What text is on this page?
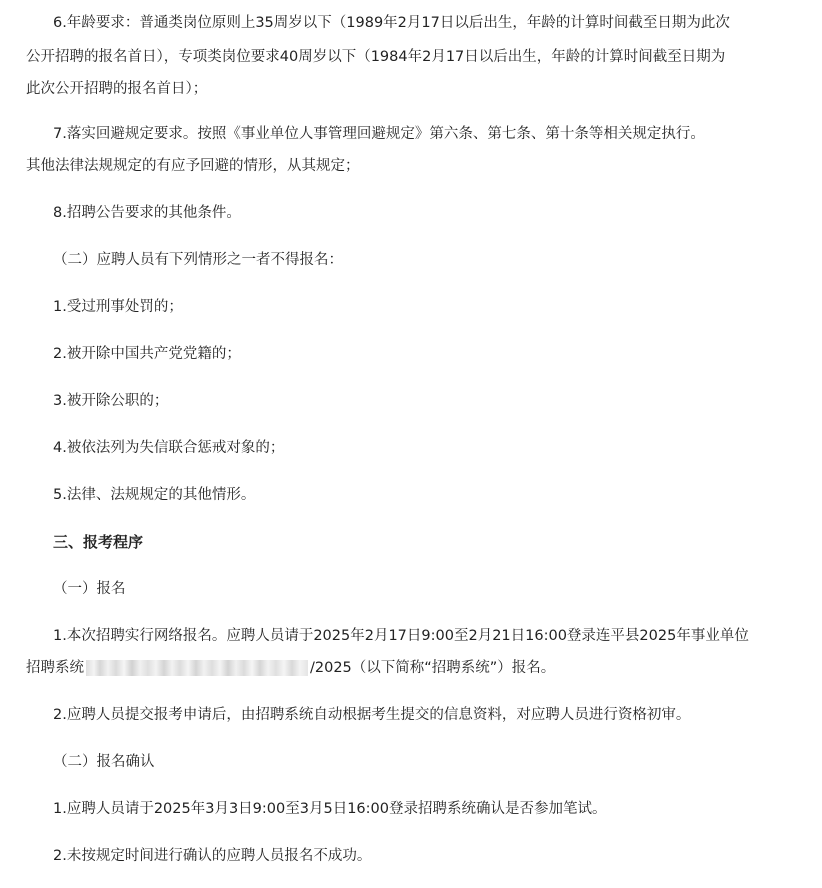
6.年龄要求：普通类岗位原则上35周岁以下（1989年2月17日以后出生，年龄的计算时间截至日期为此次
公开招聘的报名首日），专项类岗位要求40周岁以下（1984年2月17日以后出生，年龄的计算时间截至日期为
此次公开招聘的报名首日）；
7.落实回避规定要求。按照《事业单位人事管理回避规定》第六条、第七条、第十条等相关规定执行。
其他法律法规规定的有应予回避的情形，从其规定；
8.招聘公告要求的其他条件。
（二）应聘人员有下列情形之一者不得报名：
1.受过刑事处罚的；
2.被开除中国共产党党籍的；
3.被开除公职的；
4.被依法列为失信联合惩戒对象的；
5.法律、法规规定的其他情形。
三、报考程序
（一）报名
1.本次招聘实行网络报名。应聘人员请于2025年2月17日9:00至2月21日16:00登录连平县2025年事业单位
招聘系统	/2025（以下简称“招聘系统”）报名。
2.应聘人员提交报考申请后，由招聘系统自动根据考生提交的信息资料，对应聘人员进行资格初审。
（二）报名确认
1.应聘人员请于2025年3月3日9:00至3月5日16:00登录招聘系统确认是否参加笔试。
2.未按规定时间进行确认的应聘人员报名不成功。
